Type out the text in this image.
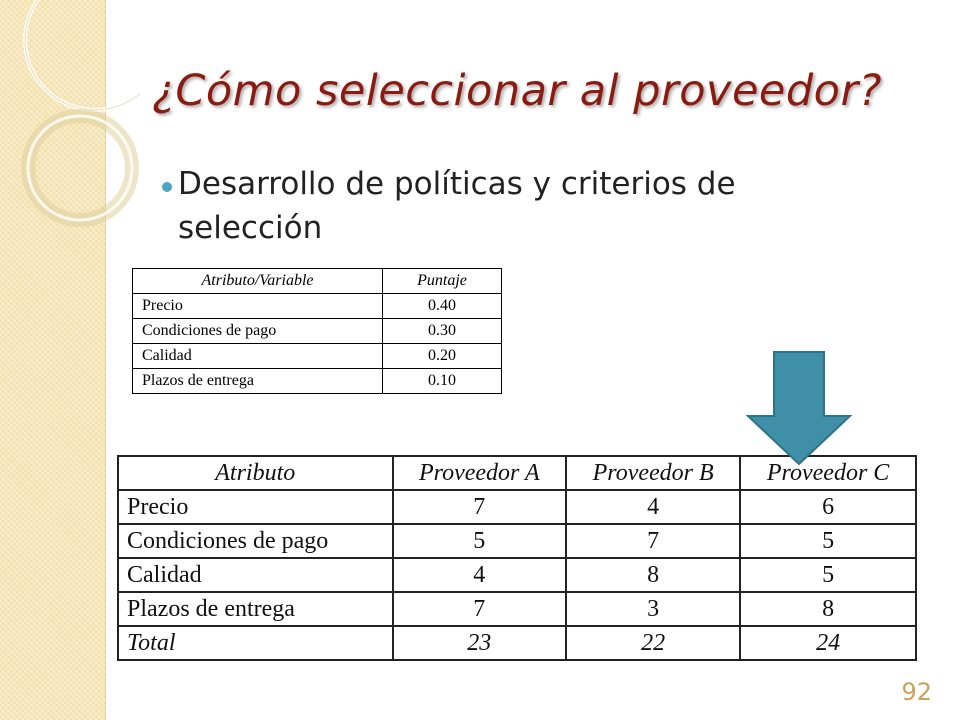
¿Cómo seleccionar al proveedor?
Desarrollo de políticas y criterios de selección
Atributo/Variable	Puntaje
Precio	0.40
Condiciones de pago	0.30
Calidad	0.20
Plazos de entrega	0.10
Atributo	Proveedor A	Proveedor B	Proveedor C
Precio	7	4	6
Condiciones de pago	5	7	5
Calidad	4	8	5
Plazos de entrega	7	3	8
Total	23	22	24
92
